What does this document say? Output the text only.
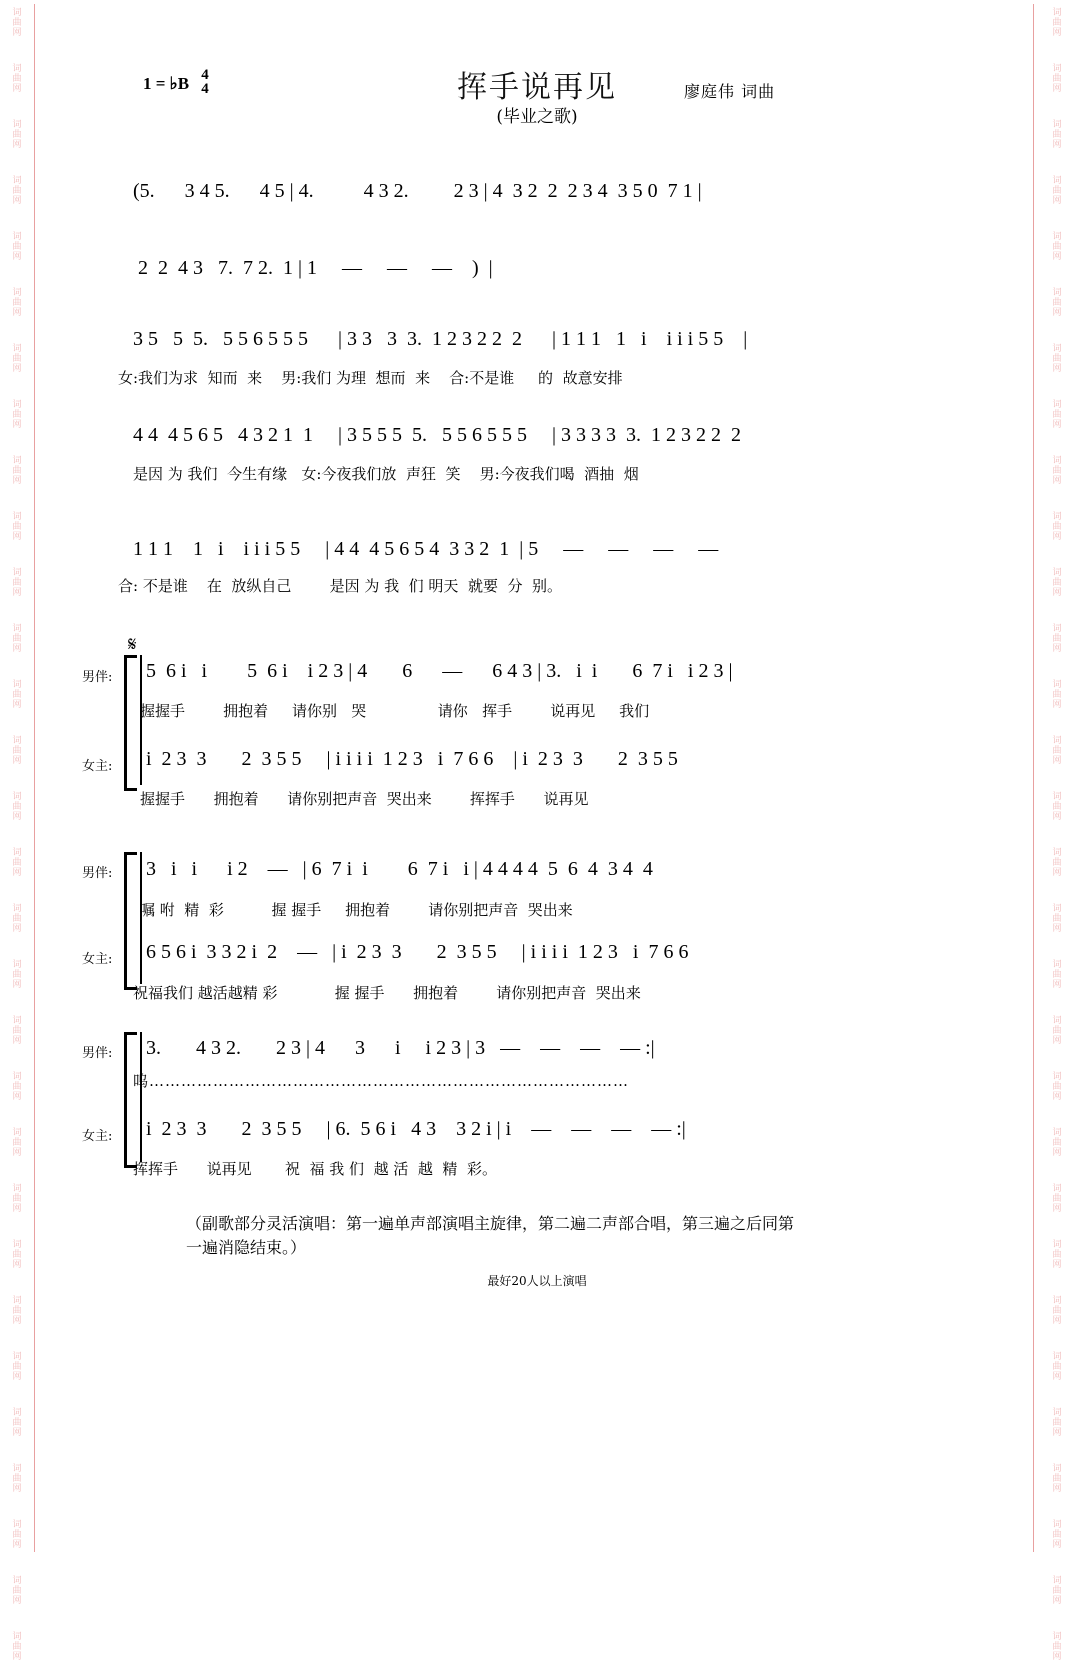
词
曲
网
词
曲
网
词
曲
网
词
曲
网
词
曲
网
词
曲
网
词
曲
网
词
曲
网
词
曲
网
词
曲
网
词
曲
网
词
曲
网
词
曲
网
词
曲
网
词
曲
网
词
曲
网
词
曲
网
词
曲
网
词
曲
网
词
曲
网
词
曲
网
词
曲
网
词
曲
网
词
曲
网
词
曲
网
词
曲
网
词
曲
网
词
曲
网
词
曲
网
词
曲
网
词
曲
网
词
曲
网
词
曲
网
词
曲
网
词
曲
网
词
曲
网
词
曲
网
词
曲
网
词
曲
网
词
曲
网
词
曲
网
词
曲
网
词
曲
网
词
曲
网
词
曲
网
词
曲
网
词
曲
网
词
曲
网
词
曲
网
词
曲
网
词
曲
网
词
曲
网
词
曲
网
词
曲
网
词
曲
网
词
曲
网
词
曲
网
词
曲
网
词
曲
网
词
曲
网
1 = ♭B 4
4	挥手说再见
(毕业之歌)
廖庭伟 词曲
(5.      3 4 5.      4 5 | 4.          4 3 2.         2 3 | 4  3 2  2  2 3 4  3 5 0  7 1 |
2  2  4 3   7.  7 2.  1 | 1     —     —     —    )  |
3 5   5  5.   5 5 6 5 5 5      | 3 3   3  3.  1 2 3 2 2  2      | 1 1 1   1   i    i i i 5 5    |
女:我们为求  知而  来    男:我们 为理  想而  来    合:不是谁     的  故意安排
4 4  4 5 6 5   4 3 2 1  1     | 3 5 5 5  5.   5 5 6 5 5 5     | 3 3 3 3  3.  1 2 3 2 2  2
是因 为 我们  今生有缘   女:今夜我们放  声狂  笑    男:今夜我们喝  酒抽  烟
1 1 1    1   i    i i i 5 5     | 4 4  4 5 6 5 4  3 3 2  1  | 5     —     —     —     —
合: 不是谁    在  放纵自己        是因 为 我  们 明天  就要  分  别。
𝄋
男伴: 5  6 i   i        5  6 i    i 2 3 | 4       6      —      6 4 3 | 3.   i  i       6  7 i   i 2 3 |
握握手        拥抱着     请你别   哭               请你   挥手        说再见     我们
女主: i  2 3  3       2  3 5 5     | i i i i  1 2 3   i  7 6 6    | i  2 3  3       2  3 5 5
握握手      拥抱着      请你别把声音  哭出来        挥挥手      说再见
男伴: 3   i   i      i 2    —   | 6  7 i  i        6  7 i   i | 4 4 4 4  5  6  4  3 4  4
嘱 咐  精  彩          握 握手     拥抱着        请你别把声音  哭出来
女主: 6 5 6 i  3 3 2 i  2    —   | i  2 3  3       2  3 5 5     | i i i i  1 2 3   i  7 6 6
祝福我们 越活越精 彩            握 握手      拥抱着        请你别把声音  哭出来
男伴: 3.       4 3 2.       2 3 | 4      3      i     i 2 3 | 3   —    —    —    — :|
呜………………………………………………………………………………
女主: i  2 3  3       2  3 5 5     | 6.  5 6 i   4 3    3 2 i | i    —    —    —    — :|
挥挥手      说再见       祝  福 我 们  越 活  越  精  彩。
（副歌部分灵活演唱：第一遍单声部演唱主旋律，第二遍二声部合唱，第三遍之后同第一遍消隐结束。）
最好20人以上演唱
